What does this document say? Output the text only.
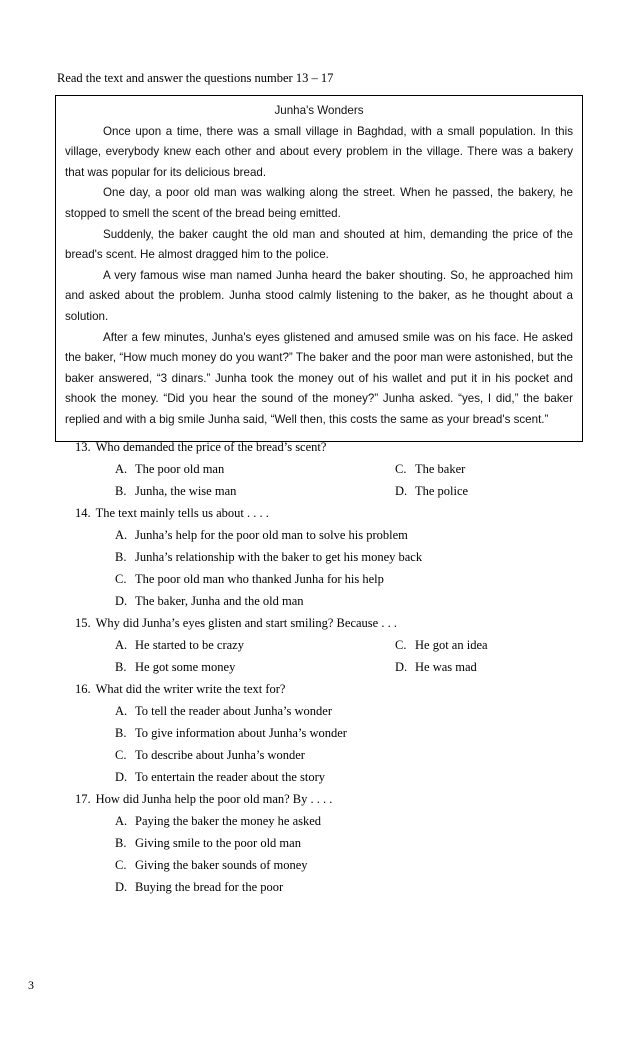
Read the text and answer the questions number 13 – 17
Junha's Wonders

Once upon a time, there was a small village in Baghdad, with a small population. In this village, everybody knew each other and about every problem in the village. There was a bakery that was popular for its delicious bread.

One day, a poor old man was walking along the street. When he passed, the bakery, he stopped to smell the scent of the bread being emitted.

Suddenly, the baker caught the old man and shouted at him, demanding the price of the bread's scent. He almost dragged him to the police.

A very famous wise man named Junha heard the baker shouting. So, he approached him and asked about the problem. Junha stood calmly listening to the baker, as he thought about a solution.

After a few minutes, Junha's eyes glistened and amused smile was on his face. He asked the baker, “How much money do you want?” The baker and the poor man were astonished, but the baker answered, “3 dinars.” Junha took the money out of his wallet and put it in his pocket and shook the money. “Did you hear the sound of the money?” Junha asked. “yes, I did,” the baker replied and with a big smile Junha said, “Well then, this costs the same as your bread's scent.”

13. Who demanded the price of the bread’s scent?
A. The poor old man	C. The baker
B. Junha, the wise man	D. The police
14. The text mainly tells us about . . . .
A. Junha’s help for the poor old man to solve his problem
B. Junha’s relationship with the baker to get his money back
C. The poor old man who thanked Junha for his help
D. The baker, Junha and the old man
15. Why did Junha’s eyes glisten and start smiling? Because . . .
A. He started to be crazy	C. He got an idea
B. He got some money	D. He was mad
16. What did the writer write the text for?
A. To tell the reader about Junha’s wonder
B. To give information about Junha’s wonder
C. To describe about Junha’s wonder
D. To entertain the reader about the story
17. How did Junha help the poor old man? By . . . .
A. Paying the baker the money he asked
B. Giving smile to the poor old man
C. Giving the baker sounds of money
D. Buying the bread for the poor
3
